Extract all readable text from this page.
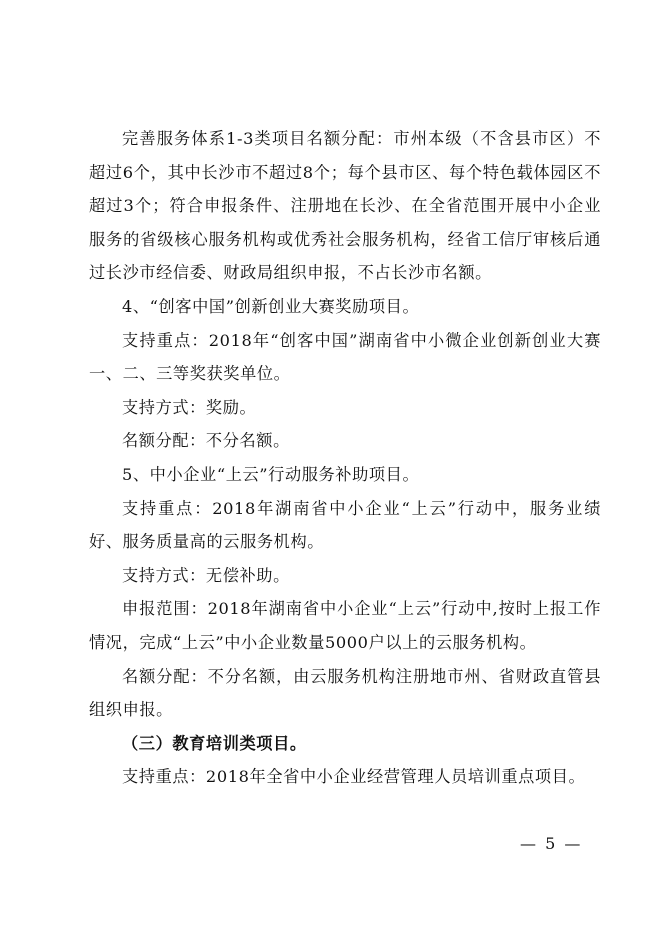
完善服务体系1-3类项目名额分配：市州本级（不含县市区）不超过6个，其中长沙市不超过8个；每个县市区、每个特色载体园区不超过3个；符合申报条件、注册地在长沙、在全省范围开展中小企业服务的省级核心服务机构或优秀社会服务机构，经省工信厅审核后通过长沙市经信委、财政局组织申报，不占长沙市名额。

4、“创客中国”创新创业大赛奖励项目。

支持重点：2018年“创客中国”湖南省中小微企业创新创业大赛一、二、三等奖获奖单位。

支持方式：奖励。

名额分配：不分名额。

5、中小企业“上云”行动服务补助项目。

支持重点：2018年湖南省中小企业“上云”行动中，服务业绩好、服务质量高的云服务机构。

支持方式：无偿补助。

申报范围：2018年湖南省中小企业“上云”行动中,按时上报工作情况，完成“上云”中小企业数量5000户以上的云服务机构。

名额分配：不分名额，由云服务机构注册地市州、省财政直管县组织申报。

（三）教育培训类项目。

支持重点：2018年全省中小企业经营管理人员培训重点项目。

— 5 —
